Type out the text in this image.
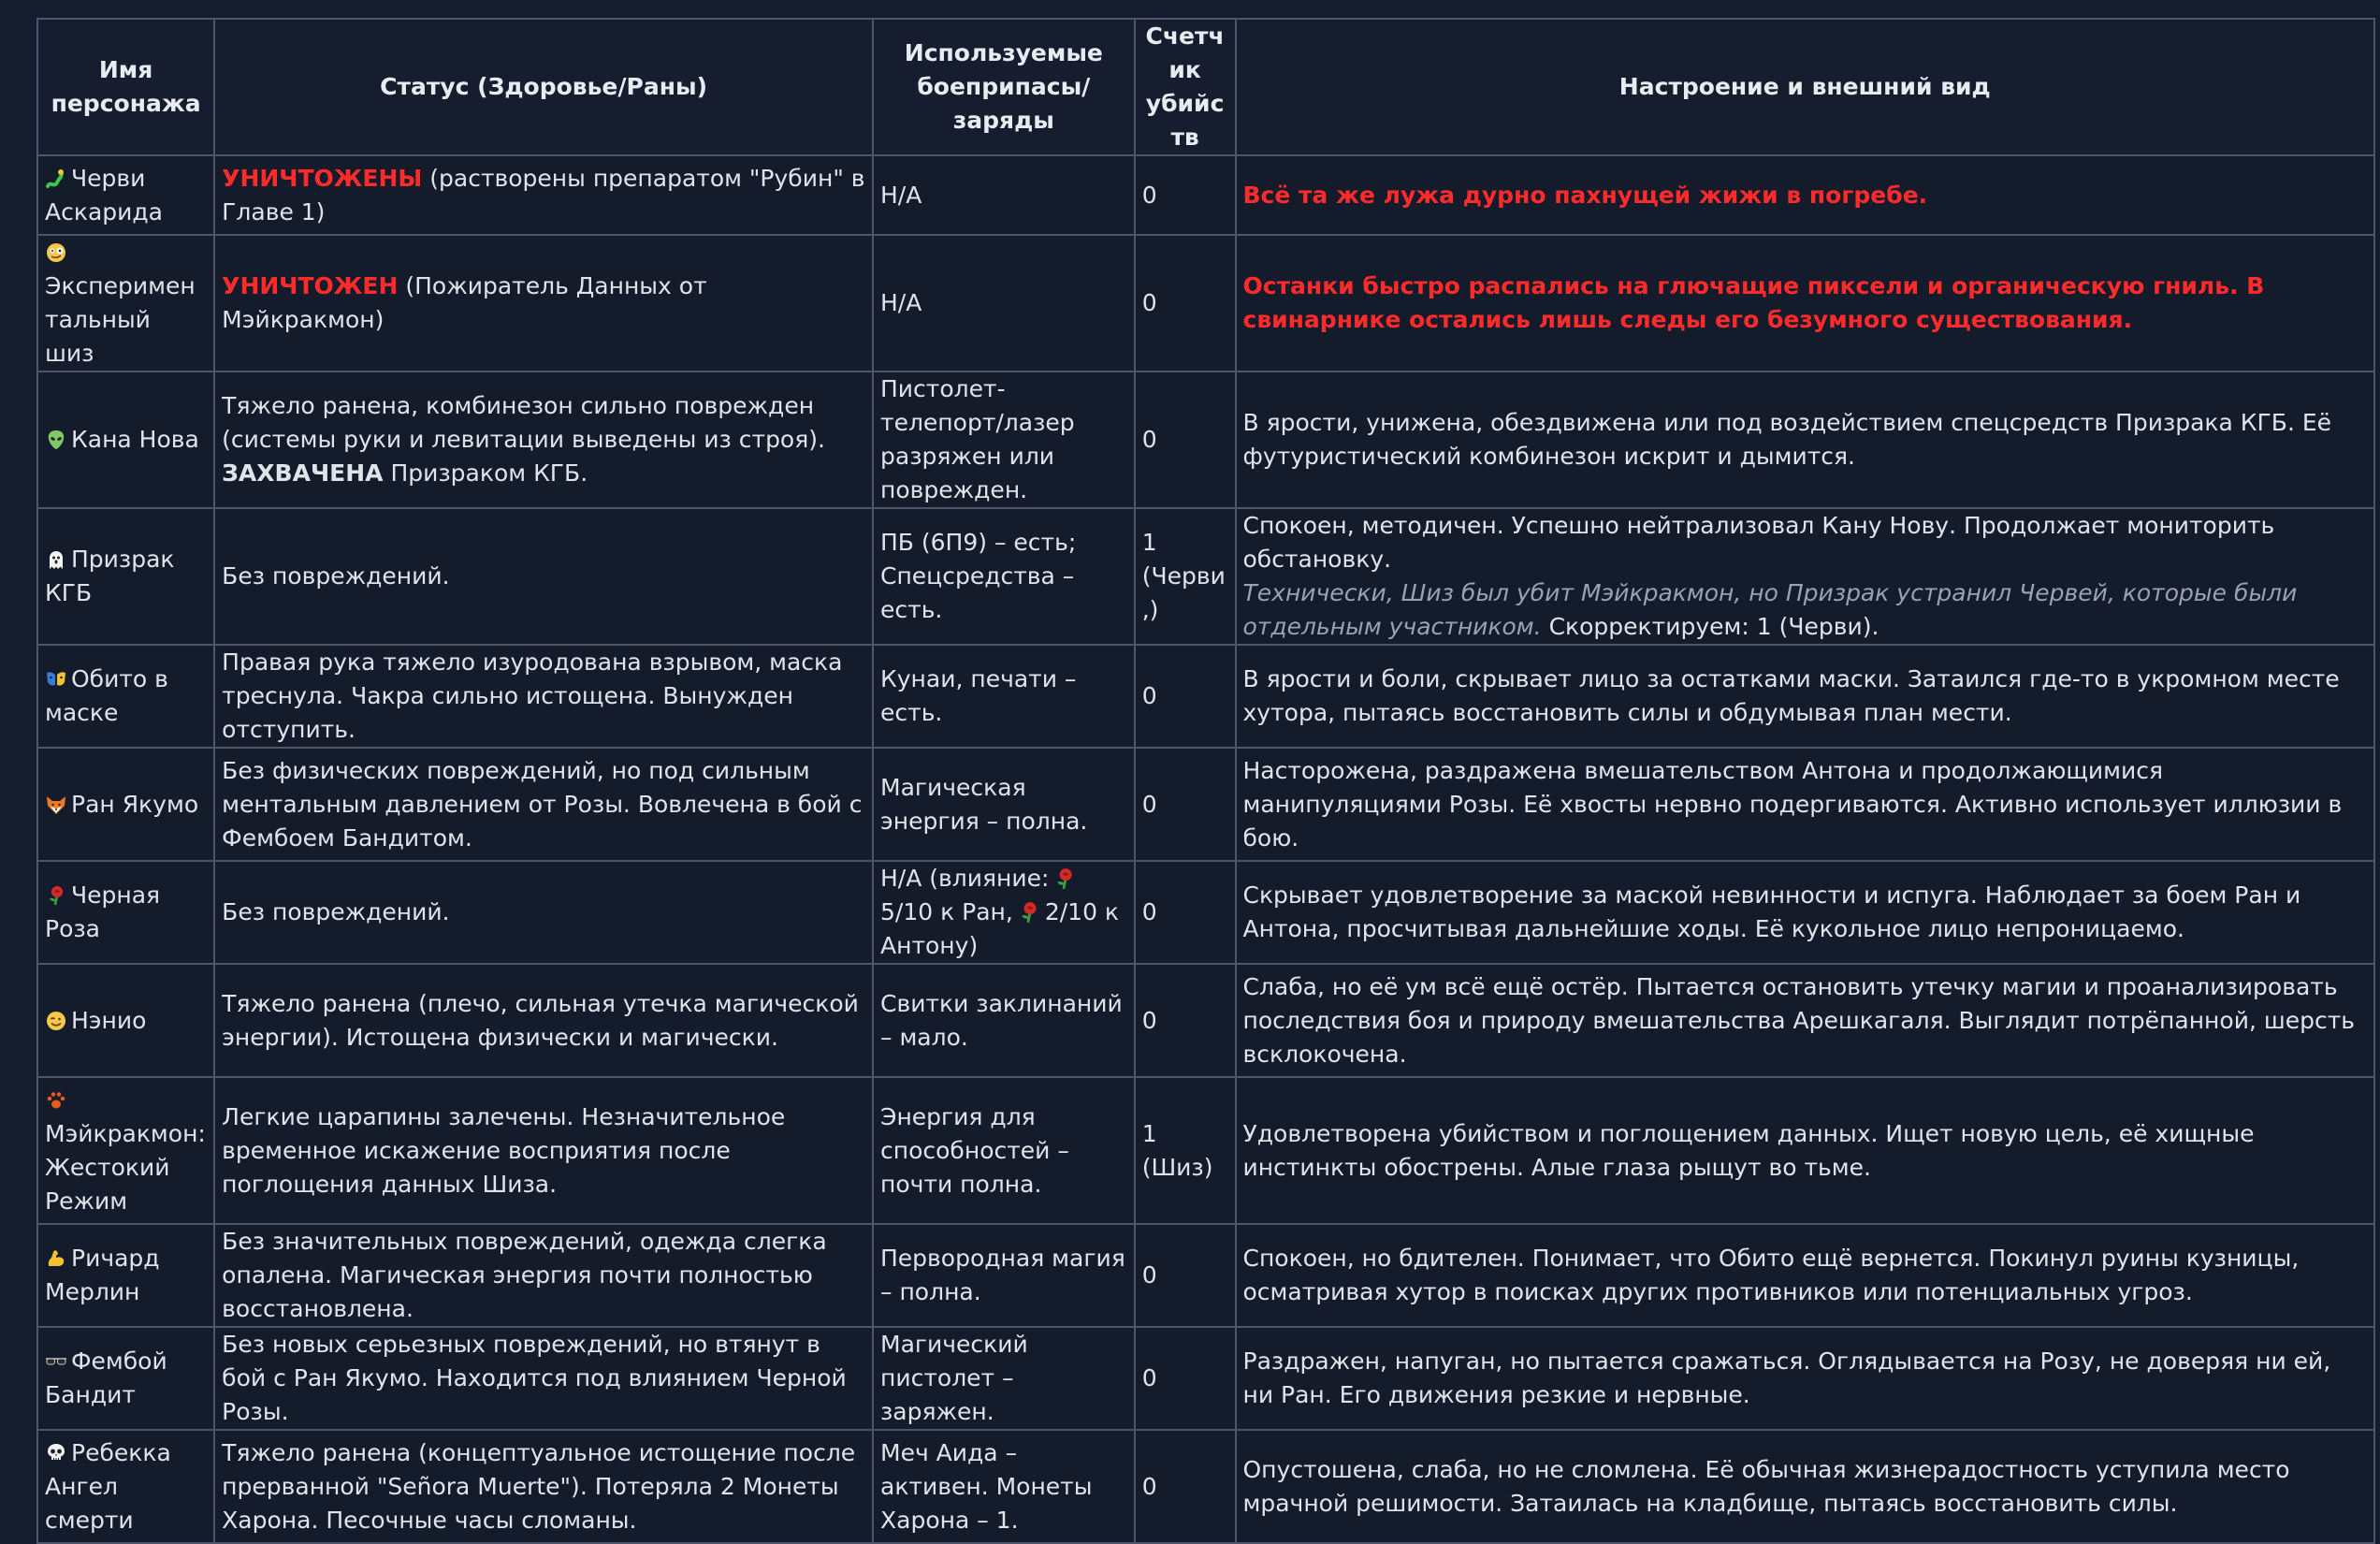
Имя персонажа	Статус (Здоровье/Раны)	Используемые боеприпасы/заряды	Счетчик убийств	Настроение и внешний вид
Черви Аскарида	УНИЧТОЖЕНЫ (растворены препаратом "Рубин" в Главе 1)	Н/А	0	Всё та же лужа дурно пахнущей жижи в погребе.

Экспериментальный шиз	УНИЧТОЖЕН (Пожиратель Данных от Мэйкракмон)	Н/А	0	Останки быстро распались на глючащие пиксели и органическую гниль. В свинарнике остались лишь следы его безумного существования.
Кана Нова	Тяжело ранена, комбинезон сильно поврежден (системы руки и левитации выведены из строя). ЗАХВАЧЕНА Призраком КГБ.	Пистолет-телепорт/лазер разряжен или поврежден.	0	В ярости, унижена, обездвижена или под воздействием спецсредств Призрака КГБ. Её футуристический комбинезон искрит и дымится.
Призрак КГБ	Без повреждений.	ПБ (6П9) – есть; Спецсредства – есть.	1 (Черви,)	Спокоен, методичен. Успешно нейтрализовал Кану Нову. Продолжает мониторить обстановку.
Технически, Шиз был убит Мэйкракмон, но Призрак устранил Червей, которые были отдельным участником. Скорректируем: 1 (Черви).
Обито в маске	Правая рука тяжело изуродована взрывом, маска треснула. Чакра сильно истощена. Вынужден отступить.	Кунаи, печати – есть.	0	В ярости и боли, скрывает лицо за остатками маски. Затаился где-то в укромном месте хутора, пытаясь восстановить силы и обдумывая план мести.
Ран Якумо	Без физических повреждений, но под сильным ментальным давлением от Розы. Вовлечена в бой с Фембоем Бандитом.	Магическая энергия – полна.	0	Насторожена, раздражена вмешательством Антона и продолжающимися манипуляциями Розы. Её хвосты нервно подергиваются. Активно использует иллюзии в бою.
Черная Роза	Без повреждений.	Н/А (влияние:5/10 к Ран, 2/10 к Антону)	0	Скрывает удовлетворение за маской невинности и испуга. Наблюдает за боем Ран и Антона, просчитывая дальнейшие ходы. Её кукольное лицо непроницаемо.
Нэнио	Тяжело ранена (плечо, сильная утечка магической энергии). Истощена физически и магически.	Свитки заклинаний – мало.	0	Слаба, но её ум всё ещё остёр. Пытается остановить утечку магии и проанализировать последствия боя и природу вмешательства Арешкагаля. Выглядит потрёпанной, шерсть всклокочена.

Мэйкракмон: Жестокий Режим	Легкие царапины залечены. Незначительное временное искажение восприятия после поглощения данных Шиза.	Энергия для способностей – почти полна.	1 (Шиз)	Удовлетворена убийством и поглощением данных. Ищет новую цель, её хищные инстинкты обострены. Алые глаза рыщут во тьме.
Ричард Мерлин	Без значительных повреждений, одежда слегка опалена. Магическая энергия почти полностью восстановлена.	Первородная магия – полна.	0	Спокоен, но бдителен. Понимает, что Обито ещё вернется. Покинул руины кузницы, осматривая хутор в поисках других противников или потенциальных угроз.
Фембой Бандит	Без новых серьезных повреждений, но втянут в бой с Ран Якумо. Находится под влиянием Черной Розы.	Магический пистолет – заряжен.	0	Раздражен, напуган, но пытается сражаться. Оглядывается на Розу, не доверяя ни ей, ни Ран. Его движения резкие и нервные.
Ребекка Ангел смерти	Тяжело ранена (концептуальное истощение после прерванной "Señora Muerte"). Потеряла 2 Монеты Харона. Песочные часы сломаны.	Меч Аида – активен. Монеты Харона – 1.	0	Опустошена, слаба, но не сломлена. Её обычная жизнерадостность уступила место мрачной решимости. Затаилась на кладбище, пытаясь восстановить силы.
